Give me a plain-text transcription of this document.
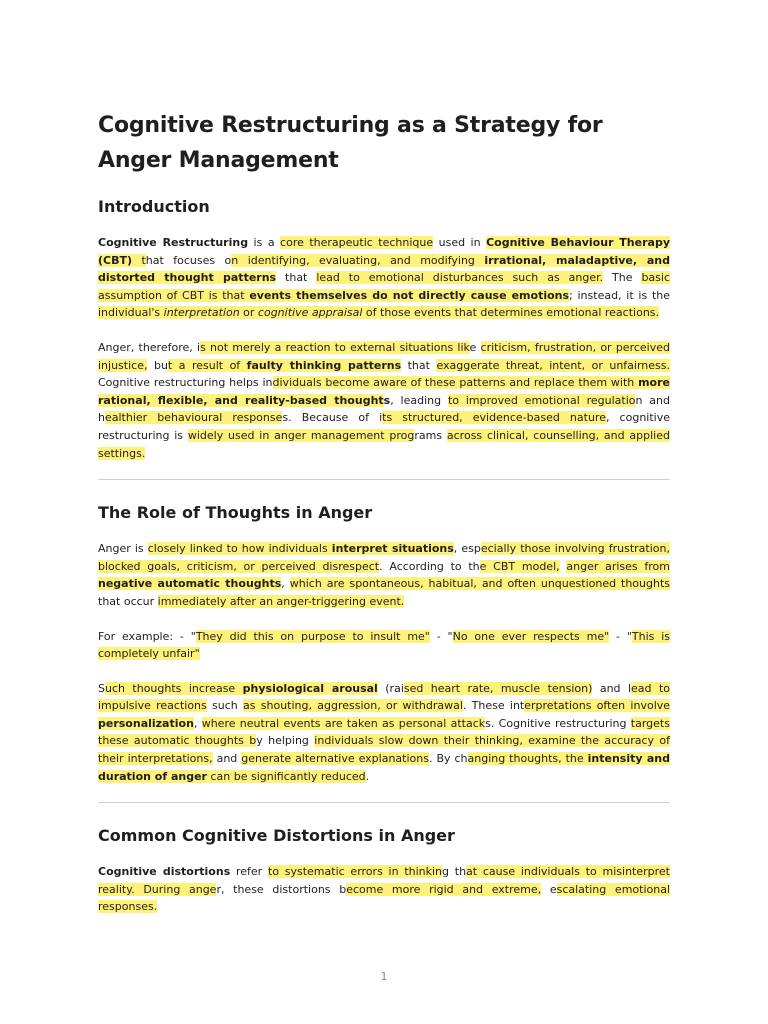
Cognitive Restructuring as a Strategy for Anger Management
Introduction

Cognitive Restructuring is a core therapeutic technique used in Cognitive Behaviour Therapy (CBT) that focuses on identifying, evaluating, and modifying irrational, maladaptive, and distorted thought patterns that lead to emotional disturbances such as anger. The basic assumption of CBT is that events themselves do not directly cause emotions; instead, it is the individual's interpretation or cognitive appraisal of those events that determines emotional reactions.

Anger, therefore, is not merely a reaction to external situations like criticism, frustration, or perceived injustice, but a result of faulty thinking patterns that exaggerate threat, intent, or unfairness. Cognitive restructuring helps individuals become aware of these patterns and replace them with more rational, flexible, and reality-based thoughts, leading to improved emotional regulation and healthier behavioural responses. Because of its structured, evidence-based nature, cognitive restructuring is widely used in anger management programs across clinical, counselling, and applied settings.

The Role of Thoughts in Anger

Anger is closely linked to how individuals interpret situations, especially those involving frustration, blocked goals, criticism, or perceived disrespect. According to the CBT model, anger arises from negative automatic thoughts, which are spontaneous, habitual, and often unquestioned thoughts that occur immediately after an anger-triggering event.

For example: - "They did this on purpose to insult me" - "No one ever respects me" - "This is completely unfair"

Such thoughts increase physiological arousal (raised heart rate, muscle tension) and lead to impulsive reactions such as shouting, aggression, or withdrawal. These interpretations often involve personalization, where neutral events are taken as personal attacks. Cognitive restructuring targets these automatic thoughts by helping individuals slow down their thinking, examine the accuracy of their interpretations, and generate alternative explanations. By changing thoughts, the intensity and duration of anger can be significantly reduced.

Common Cognitive Distortions in Anger

Cognitive distortions refer to systematic errors in thinking that cause individuals to misinterpret reality. During anger, these distortions become more rigid and extreme, escalating emotional responses.

1
